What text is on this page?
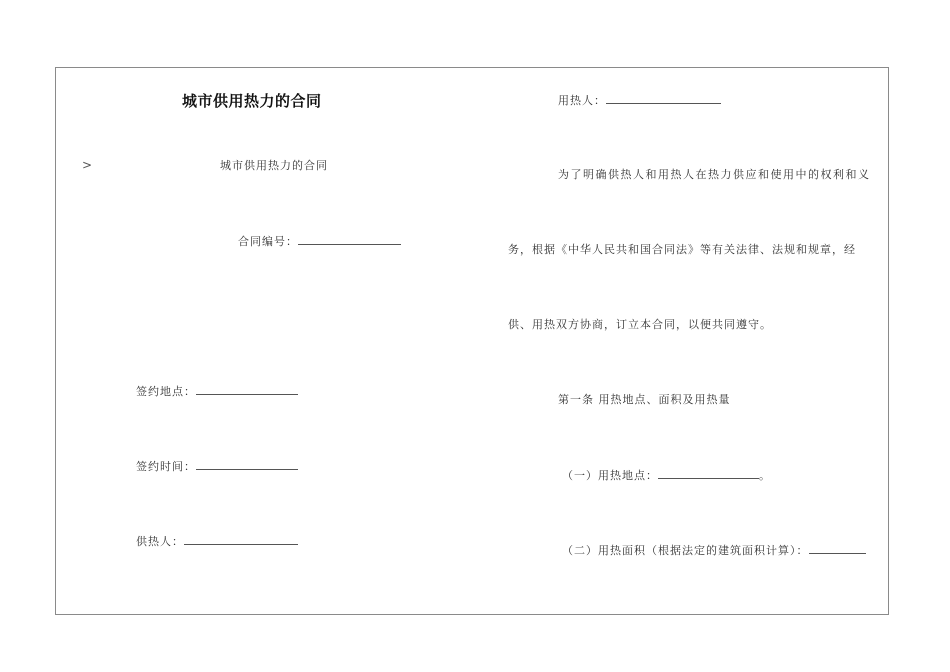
城市供用热力的合同
>	城市供用热力的合同
合同编号：
签约地点：
签约时间：
供热人：
用热人：
为了明确供热人和用热人在热力供应和使用中的权利和义
务，根据《中华人民共和国合同法》等有关法律、法规和规章，经
供、用热双方协商，订立本合同，以便共同遵守。
第一条 用热地点、面积及用热量
（一）用热地点：	。
（二）用热面积（根据法定的建筑面积计算）：
